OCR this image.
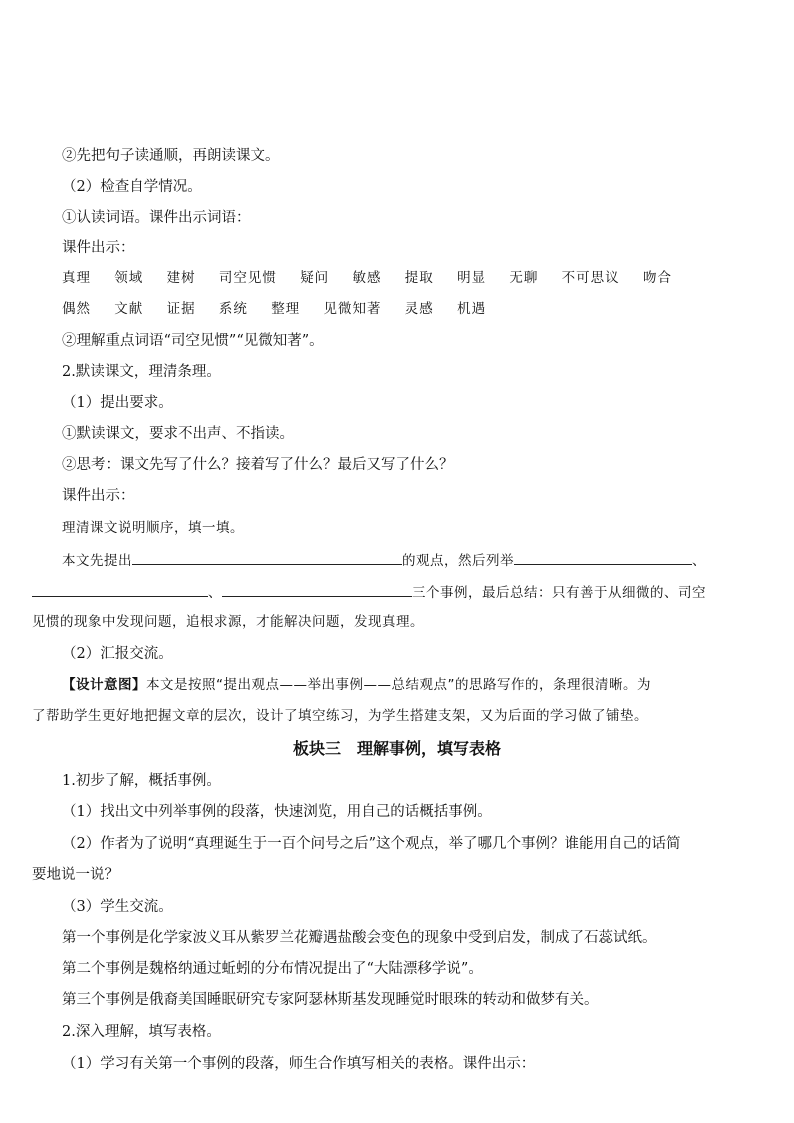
②先把句子读通顺，再朗读课文。
（2）检查自学情况。
①认读词语。课件出示词语：
课件出示：
真理 领域 建树 司空见惯 疑问 敏感 提取 明显 无聊 不可思议 吻合
偶然 文献 证据 系统 整理 见微知著 灵感 机遇
②理解重点词语“司空见惯”“见微知著”。
2.默读课文，理清条理。
（1）提出要求。
①默读课文，要求不出声、不指读。
②思考：课文先写了什么？接着写了什么？最后又写了什么？
课件出示：
理清课文说明顺序，填一填。
本文先提出	的观点，然后列举	、
、	三个事例，最后总结：只有善于从细微的、司空
见惯的现象中发现问题，追根求源，才能解决问题，发现真理。
（2）汇报交流。
【设计意图】本文是按照“提出观点——举出事例——总结观点”的思路写作的，条理很清晰。为
了帮助学生更好地把握文章的层次，设计了填空练习，为学生搭建支架，又为后面的学习做了铺垫。
板块三　理解事例，填写表格
1.初步了解，概括事例。
（1）找出文中列举事例的段落，快速浏览，用自己的话概括事例。
（2）作者为了说明“真理诞生于一百个问号之后”这个观点，举了哪几个事例？谁能用自己的话简
要地说一说？
（3）学生交流。
第一个事例是化学家波义耳从紫罗兰花瓣遇盐酸会变色的现象中受到启发，制成了石蕊试纸。
第二个事例是魏格纳通过蚯蚓的分布情况提出了“大陆漂移学说”。
第三个事例是俄裔美国睡眠研究专家阿瑟林斯基发现睡觉时眼珠的转动和做梦有关。
2.深入理解，填写表格。
（1）学习有关第一个事例的段落，师生合作填写相关的表格。课件出示：
